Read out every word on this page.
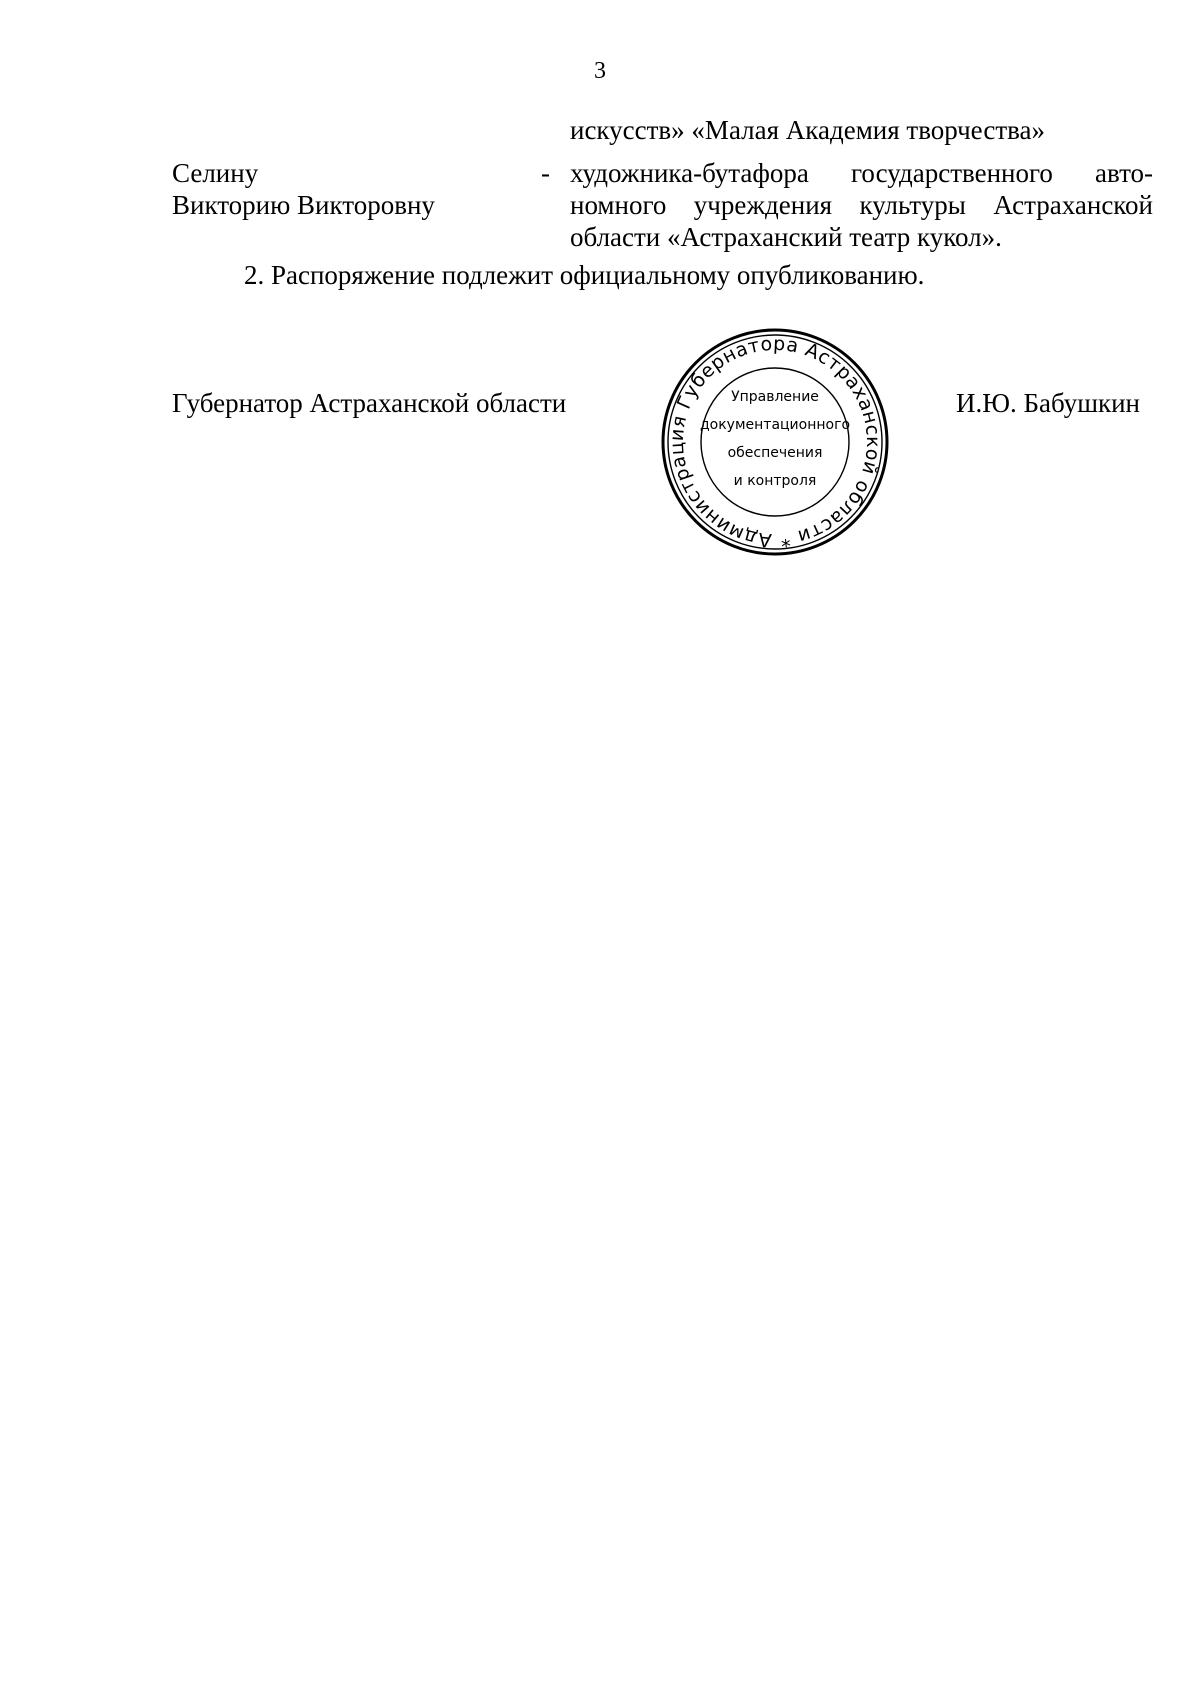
3
искусств» «Малая Академия творчества»
Селину
Викторию Викторовну
- художника-бутафора государственного авто-
номного учреждения культуры Астраханской
области «Астраханский театр кукол».
2. Распоряжение подлежит официальному опубликованию.
Губернатор Астраханской области	И.Ю. Бабушкин
Администрация Губернатора Астраханской области *
Управление
документационного
обеспечения
и контроля
